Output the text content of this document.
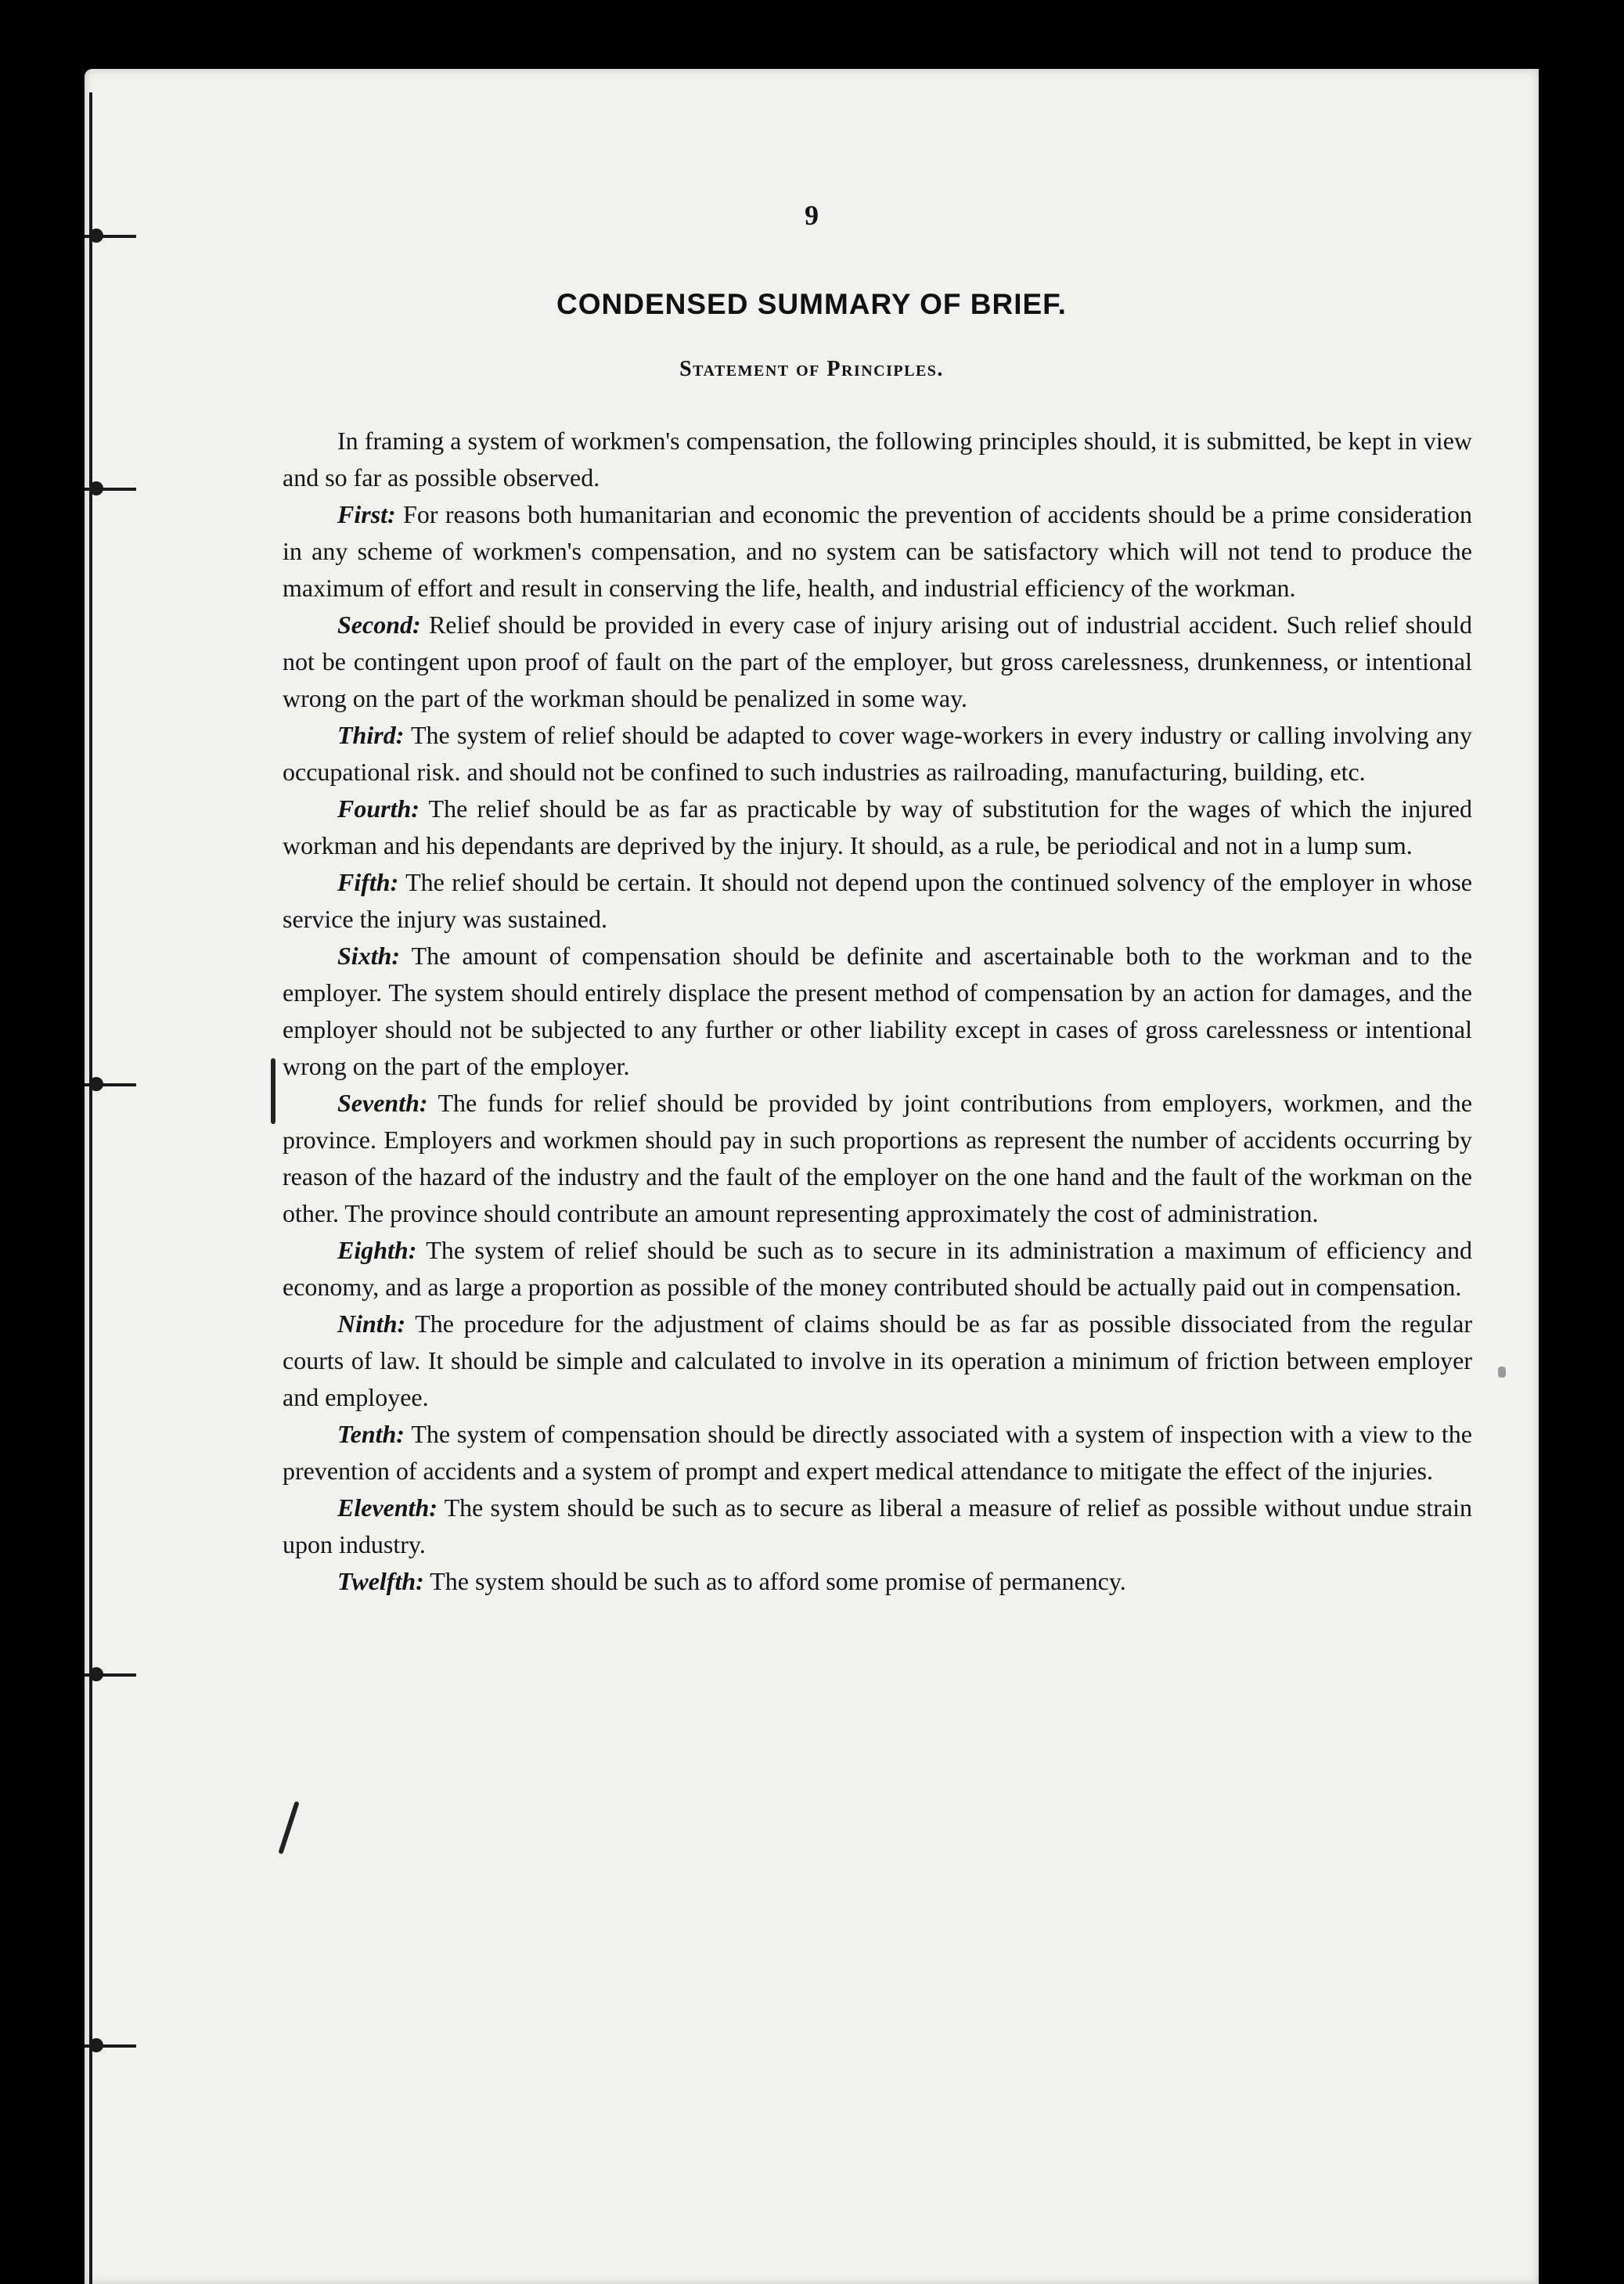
9
CONDENSED SUMMARY OF BRIEF.
Statement of Principles.

In framing a system of workmen's compensation, the following principles should, it is submitted, be kept in view and so far as possible observed.

First: For reasons both humanitarian and economic the prevention of accidents should be a prime consideration in any scheme of workmen's compensation, and no system can be satisfactory which will not tend to produce the maximum of effort and result in conserving the life, health, and industrial efficiency of the workman.

Second: Relief should be provided in every case of injury arising out of industrial accident. Such relief should not be contingent upon proof of fault on the part of the employer, but gross carelessness, drunkenness, or intentional wrong on the part of the workman should be penalized in some way.

Third: The system of relief should be adapted to cover wage-workers in every industry or calling involving any occupational risk. and should not be confined to such industries as railroading, manufacturing, building, etc.

Fourth: The relief should be as far as practicable by way of substitution for the wages of which the injured workman and his dependants are deprived by the injury. It should, as a rule, be periodical and not in a lump sum.

Fifth: The relief should be certain. It should not depend upon the continued solvency of the employer in whose service the injury was sustained.

Sixth: The amount of compensation should be definite and ascertainable both to the workman and to the employer. The system should entirely displace the present method of compensation by an action for damages, and the employer should not be subjected to any further or other liability except in cases of gross carelessness or intentional wrong on the part of the employer.

Seventh: The funds for relief should be provided by joint contributions from employers, workmen, and the province. Employers and workmen should pay in such proportions as represent the number of accidents occurring by reason of the hazard of the industry and the fault of the employer on the one hand and the fault of the workman on the other. The province should contribute an amount representing approximately the cost of administration.

Eighth: The system of relief should be such as to secure in its administration a maximum of efficiency and economy, and as large a proportion as possible of the money contributed should be actually paid out in compensation.

Ninth: The procedure for the adjustment of claims should be as far as possible dissociated from the regular courts of law. It should be simple and calculated to involve in its operation a minimum of friction between employer and employee.

Tenth: The system of compensation should be directly associated with a system of inspection with a view to the prevention of accidents and a system of prompt and expert medical attendance to mitigate the effect of the injuries.

Eleventh: The system should be such as to secure as liberal a measure of relief as possible without undue strain upon industry.

Twelfth: The system should be such as to afford some promise of permanency.
